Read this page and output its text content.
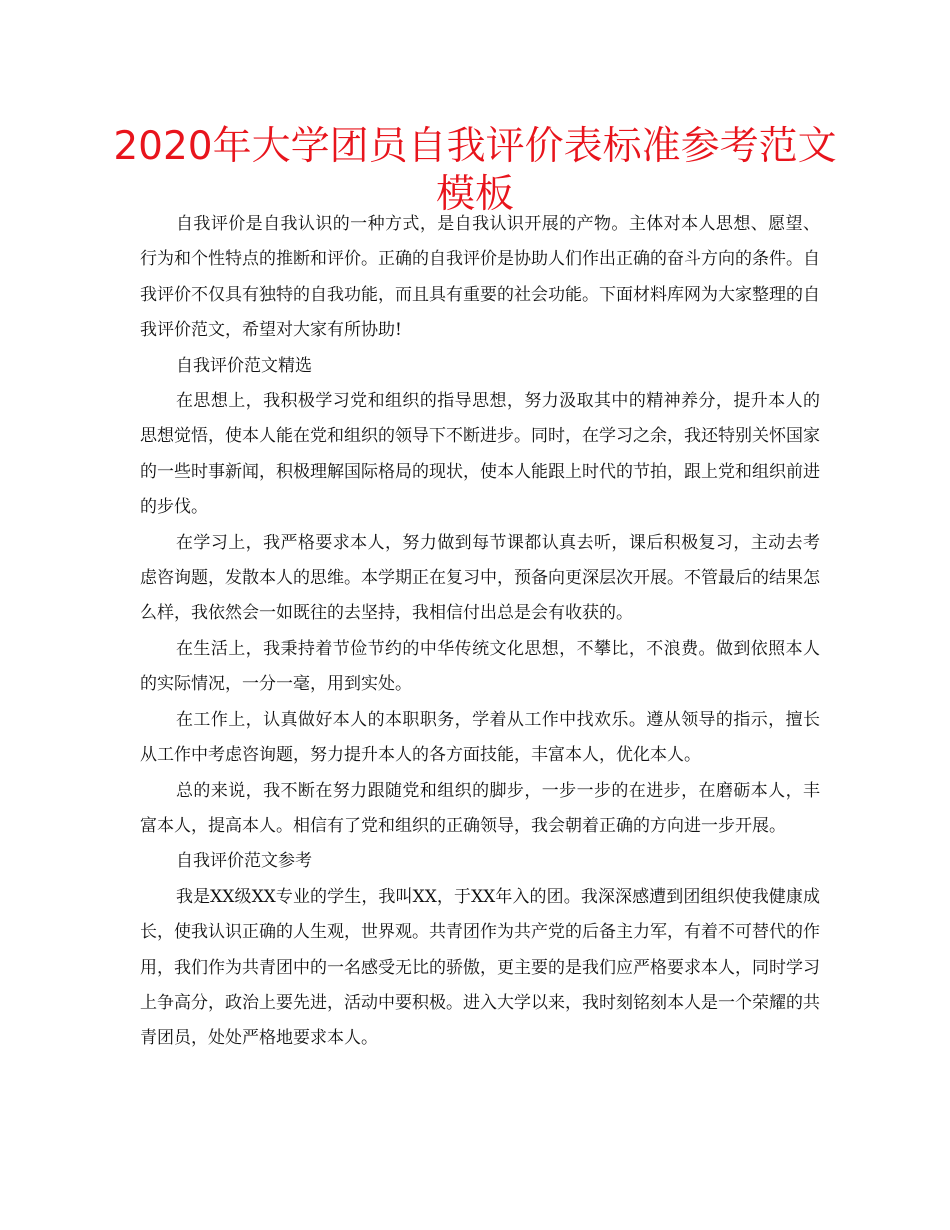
2020年大学团员自我评价表标准参考范文
模板

自我评价是自我认识的一种方式，是自我认识开展的产物。主体对本人思想、愿望、行为和个性特点的推断和评价。正确的自我评价是协助人们作出正确的奋斗方向的条件。自我评价不仅具有独特的自我功能，而且具有重要的社会功能。下面材料库网为大家整理的自我评价范文，希望对大家有所协助!

自我评价范文精选

在思想上，我积极学习党和组织的指导思想，努力汲取其中的精神养分，提升本人的思想觉悟，使本人能在党和组织的领导下不断进步。同时，在学习之余，我还特别关怀国家的一些时事新闻，积极理解国际格局的现状，使本人能跟上时代的节拍，跟上党和组织前进的步伐。

在学习上，我严格要求本人，努力做到每节课都认真去听，课后积极复习，主动去考虑咨询题，发散本人的思维。本学期正在复习中，预备向更深层次开展。不管最后的结果怎么样，我依然会一如既往的去坚持，我相信付出总是会有收获的。

在生活上，我秉持着节俭节约的中华传统文化思想，不攀比，不浪费。做到依照本人的实际情况，一分一毫，用到实处。

在工作上，认真做好本人的本职职务，学着从工作中找欢乐。遵从领导的指示，擅长从工作中考虑咨询题，努力提升本人的各方面技能，丰富本人，优化本人。

总的来说，我不断在努力跟随党和组织的脚步，一步一步的在进步，在磨砺本人，丰富本人，提高本人。相信有了党和组织的正确领导，我会朝着正确的方向进一步开展。

自我评价范文参考

我是XX级XX专业的学生，我叫XX，于XX年入的团。我深深感遭到团组织使我健康成长，使我认识正确的人生观，世界观。共青团作为共产党的后备主力军，有着不可替代的作用，我们作为共青团中的一名感受无比的骄傲，更主要的是我们应严格要求本人，同时学习上争高分，政治上要先进，活动中要积极。进入大学以来，我时刻铭刻本人是一个荣耀的共青团员，处处严格地要求本人。
